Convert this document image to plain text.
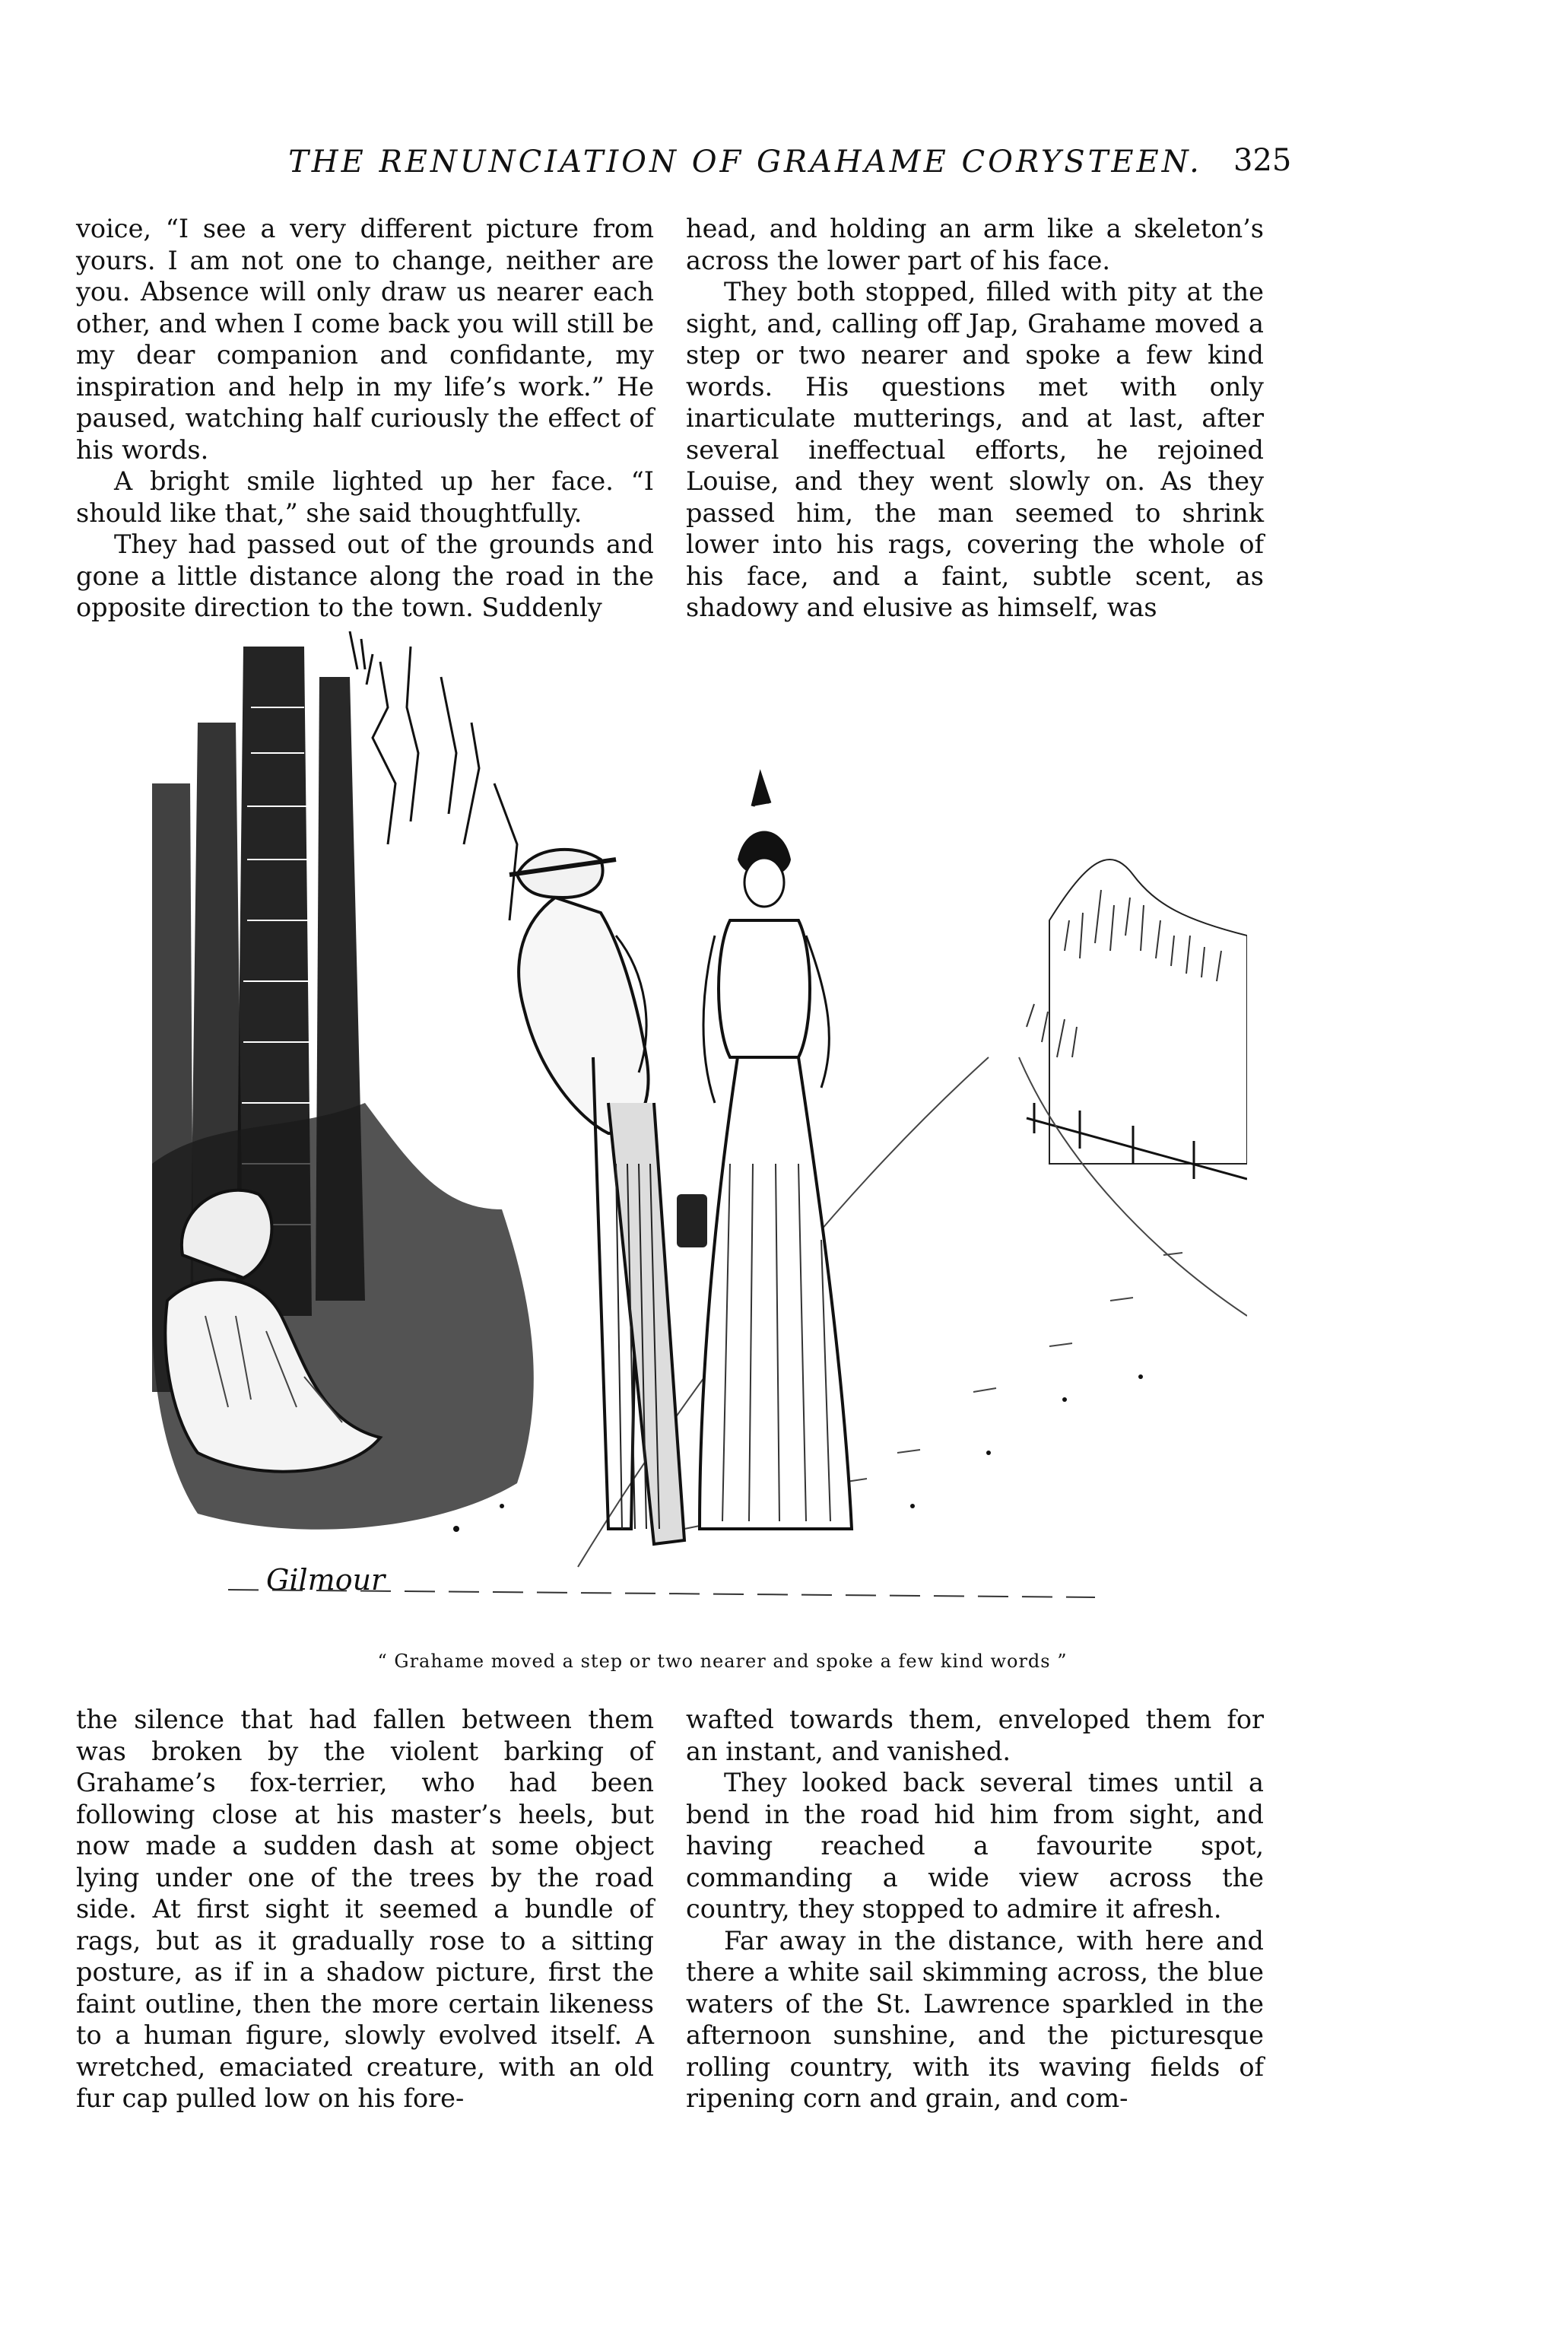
THE RENUNCIATION OF GRAHAME CORYSTEEN.	325

voice, “I see a very different picture from yours. I am not one to change, neither are you. Absence will only draw us nearer each other, and when I come back you will still be my dear companion and confidante, my inspiration and help in my life’s work.” He paused, watching half curiously the effect of his words.

A bright smile lighted up her face. “I should like that,” she said thoughtfully.

They had passed out of the grounds and gone a little distance along the road in the opposite direction to the town. Suddenly

head, and holding an arm like a skeleton’s across the lower part of his face.

They both stopped, filled with pity at the sight, and, calling off Jap, Grahame moved a step or two nearer and spoke a few kind words. His questions met with only inarticulate mutterings, and at last, after several ineffectual efforts, he rejoined Louise, and they went slowly on. As they passed him, the man seemed to shrink lower into his rags, covering the whole of his face, and a faint, subtle scent, as shadowy and elusive as himself, was

Gilmour
“ Grahame moved a step or two nearer and spoke a few kind words ”

the silence that had fallen between them was broken by the violent barking of Grahame’s fox-terrier, who had been following close at his master’s heels, but now made a sudden dash at some object lying under one of the trees by the road side. At first sight it seemed a bundle of rags, but as it gradually rose to a sitting posture, as if in a shadow picture, first the faint outline, then the more certain likeness to a human figure, slowly evolved itself. A wretched, emaciated creature, with an old fur cap pulled low on his fore-

wafted towards them, enveloped them for an instant, and vanished.

They looked back several times until a bend in the road hid him from sight, and having reached a favourite spot, commanding a wide view across the country, they stopped to admire it afresh.

Far away in the distance, with here and there a white sail skimming across, the blue waters of the St. Lawrence sparkled in the afternoon sunshine, and the picturesque rolling country, with its waving fields of ripening corn and grain, and com-
